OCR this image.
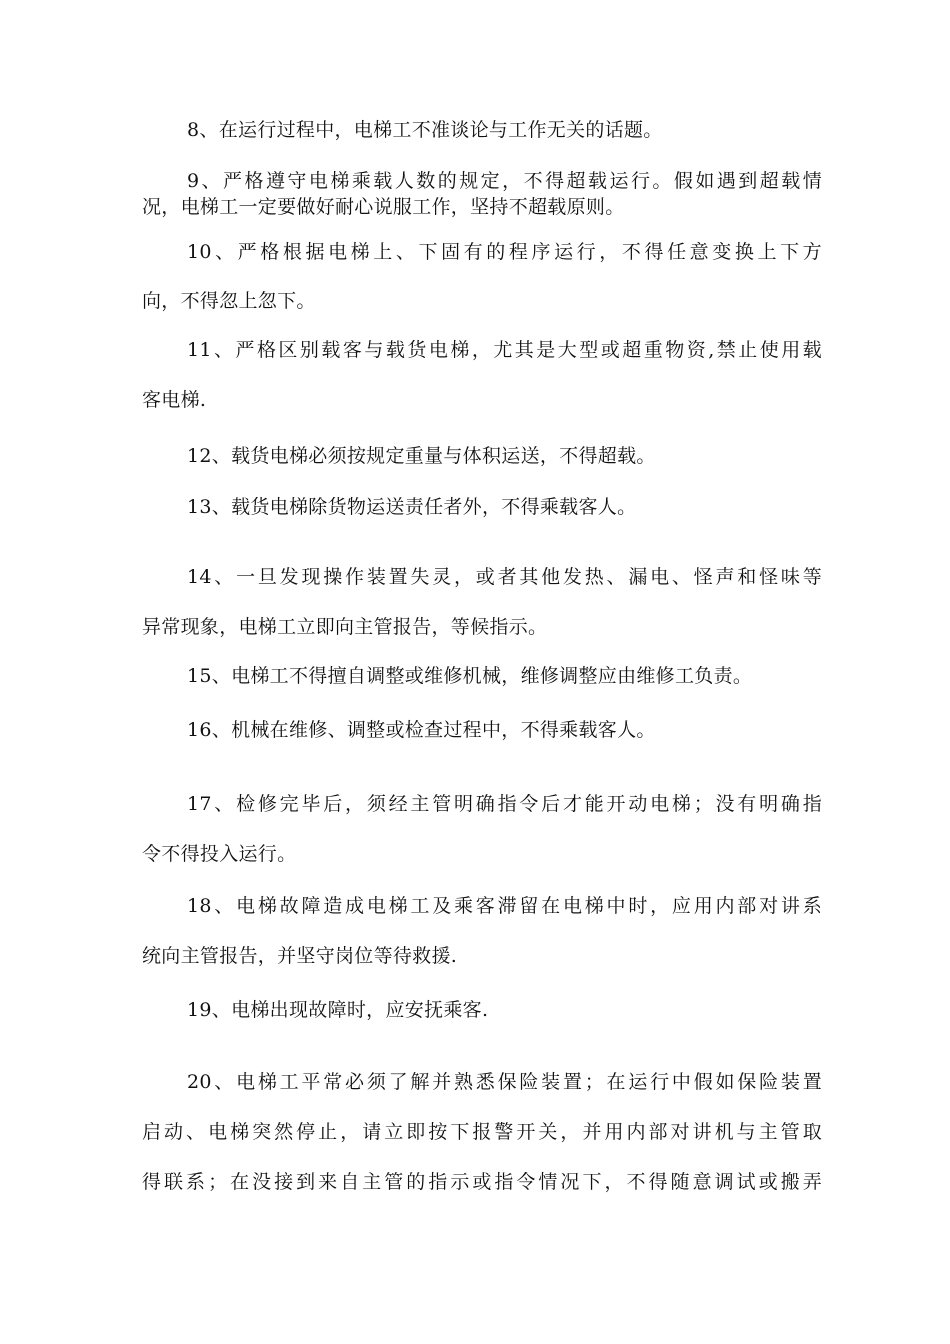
8、在运行过程中，电梯工不准谈论与工作无关的话题。
9、严格遵守电梯乘载人数的规定，不得超载运行。假如遇到超载情
况，电梯工一定要做好耐心说服工作，坚持不超载原则。
10、严格根据电梯上、下固有的程序运行，不得任意变换上下方
向，不得忽上忽下。
11、严格区别载客与载货电梯，尤其是大型或超重物资,禁止使用载
客电梯.
12、载货电梯必须按规定重量与体积运送，不得超载。
13、载货电梯除货物运送责任者外，不得乘载客人。
14、一旦发现操作装置失灵，或者其他发热、漏电、怪声和怪味等
异常现象，电梯工立即向主管报告，等候指示。
15、电梯工不得擅自调整或维修机械，维修调整应由维修工负责。
16、机械在维修、调整或检查过程中，不得乘载客人。
17、检修完毕后，须经主管明确指令后才能开动电梯；没有明确指
令不得投入运行。
18、电梯故障造成电梯工及乘客滞留在电梯中时，应用内部对讲系
统向主管报告，并坚守岗位等待救援.
19、电梯出现故障时，应安抚乘客.
20、电梯工平常必须了解并熟悉保险装置；在运行中假如保险装置
启动、电梯突然停止，请立即按下报警开关，并用内部对讲机与主管取
得联系；在没接到来自主管的指示或指令情况下，不得随意调试或搬弄
